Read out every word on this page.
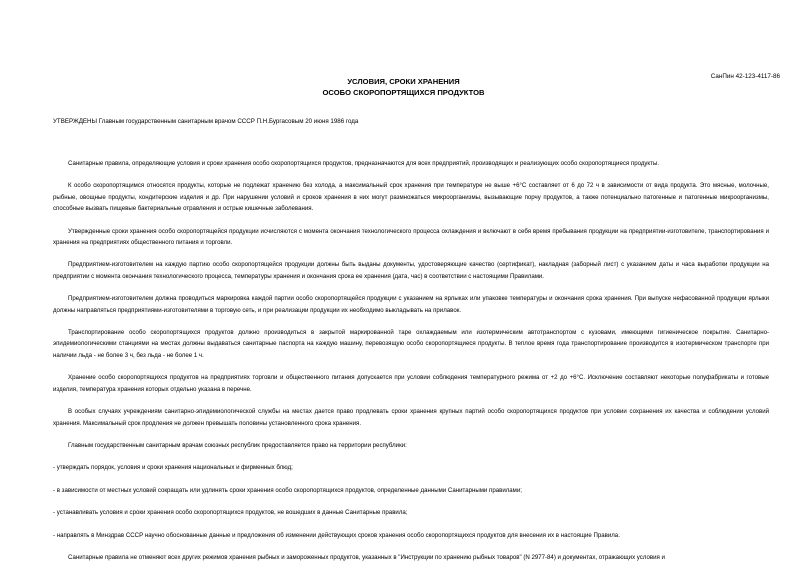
СанПин 42-123-4117-86
УСЛОВИЯ, СРОКИ ХРАНЕНИЯ
ОСОБО СКОРОПОРТЯЩИХСЯ ПРОДУКТОВ
УТВЕРЖДЕНЫ Главным государственным санитарным врачом СССР П.Н.Бургасовым 20 июня 1986 года

Санитарные правила, определяющие условия и сроки хранения особо скоропортящихся продуктов, предназначаются для всех предприятий, производящих и реализующих особо скоропортящиеся продукты.

К особо скоропортящимся относятся продукты, которые не подлежат хранению без холода, а максимальный срок хранения при температуре не выше +6°С составляет от 6 до 72 ч в зависимости от вида продукта. Это мясные, молочные, рыбные, овощные продукты, кондитерские изделия и др. При нарушении условий и сроков хранения в них могут размножаться микроорганизмы, вызывающие порчу продуктов, а также потенциально патогенные и патогенные микроорганизмы, способные вызвать пищевые бактериальные отравления и острые кишечные заболевания.

Утвержденные сроки хранения особо скоропортящейся продукции исчисляются с момента окончания технологического процесса охлаждения и включают в себя время пребывания продукции на предприятии-изготовителе, транспортирования и хранения на предприятиях общественного питания и торговли.

Предприятием-изготовителем на каждую партию особо скоропортящейся продукции должны быть выданы документы, удостоверяющие качество (сертификат), накладная (заборный лист) с указанием даты и часа выработки продукции на предприятии с момента окончания технологического процесса, температуры хранения и окончания срока ее хранения (дата, час) в соответствии с настоящими Правилами.

Предприятием-изготовителем должна проводиться маркировка каждой партии особо скоропортящейся продукции с указанием на ярлыках или упаковке температуры и окончания срока хранения. При выпуске нефасованной продукции ярлыки должны направляться предприятиями-изготовителями в торговую сеть, и при реализации продукции их необходимо выкладывать на прилавок.

Транспортирование особо скоропортящихся продуктов должно производиться в закрытой маркированной таре охлаждаемым или изотермическим автотранспортом с кузовами, имеющими гигиеническое покрытие. Санитарно-эпидемиологическими станциями на местах должны выдаваться санитарные паспорта на каждую машину, перевозящую особо скоропортящиеся продукты. В теплое время года транспортирование производится в изотермическом транспорте при наличии льда - не более 3 ч, без льда - не более 1 ч.

Хранение особо скоропортящихся продуктов на предприятиях торговли и общественного питания допускается при условии соблюдения температурного режима от +2 до +6°С. Исключение составляют некоторые полуфабрикаты и готовые изделия, температура хранения которых отдельно указана в перечне.

В особых случаях учреждениям санитарно-эпидемиологической службы на местах дается право продлевать сроки хранения крупных партий особо скоропортящихся продуктов при условии сохранения их качества и соблюдении условий хранения. Максимальный срок продления не должен превышать половины установленного срока хранения.

Главным государственным санитарным врачам союзных республик предоставляется право на территории республики:

- утверждать порядок, условия и сроки хранения национальных и фирменных блюд;

- в зависимости от местных условий сокращать или удлинять сроки хранения особо скоропортящихся продуктов, определенные данными Санитарными правилами;

- устанавливать условия и сроки хранения особо скоропортящихся продуктов, не вошедших в данные Санитарные правила;

- направлять в Минздрав СССР научно обоснованные данные и предложения об изменении действующих сроков хранения особо скоропортящихся продуктов для внесения их в настоящие Правила.

Санитарные правила не отменяют всех других режимов хранения рыбных и замороженных продуктов, указанных в "Инструкции по хранению рыбных товаров" (N 2977-84) и документах, отражающих условия и
